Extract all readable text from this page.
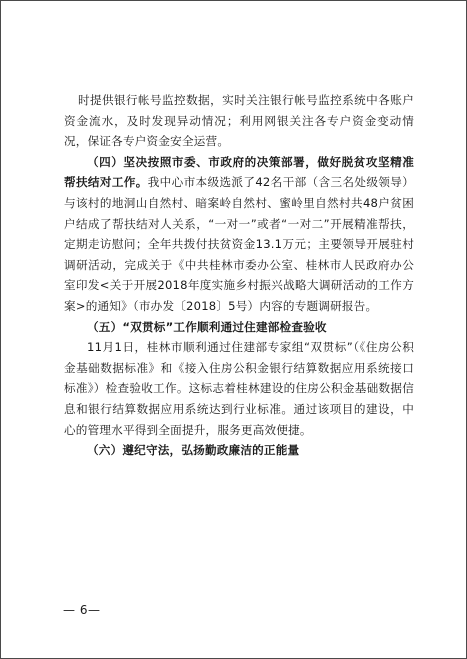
时提供银行帐号监控数据，实时关注银行帐号监控系统中各账户资金流水，及时发现异动情况；利用网银关注各专户资金变动情况，保证各专户资金安全运营。

（四）坚决按照市委、市政府的决策部署，做好脱贫攻坚精准帮扶结对工作。我中心市本级选派了42名干部（含三名处级领导）与该村的地洞山自然村、暗案岭自然村、蜜岭里自然村共48户贫困户结成了帮扶结对人关系，“一对一”或者“一对二”开展精准帮扶，定期走访慰问；全年共拨付扶贫资金13.1万元；主要领导开展驻村调研活动，完成关于《中共桂林市委办公室、桂林市人民政府办公室印发<关于开展2018年度实施乡村振兴战略大调研活动的工作方案>的通知》（市办发〔2018〕5号）内容的专题调研报告。

（五）“双贯标”工作顺利通过住建部检查验收

11月1日，桂林市顺利通过住建部专家组“双贯标”（《住房公积金基础数据标准》和《接入住房公积金银行结算数据应用系统接口标准》）检查验收工作。这标志着桂林建设的住房公积金基础数据信息和银行结算数据应用系统达到行业标准。通过该项目的建设，中心的管理水平得到全面提升，服务更高效便捷。

（六）遵纪守法，弘扬勤政廉洁的正能量

— 6—
